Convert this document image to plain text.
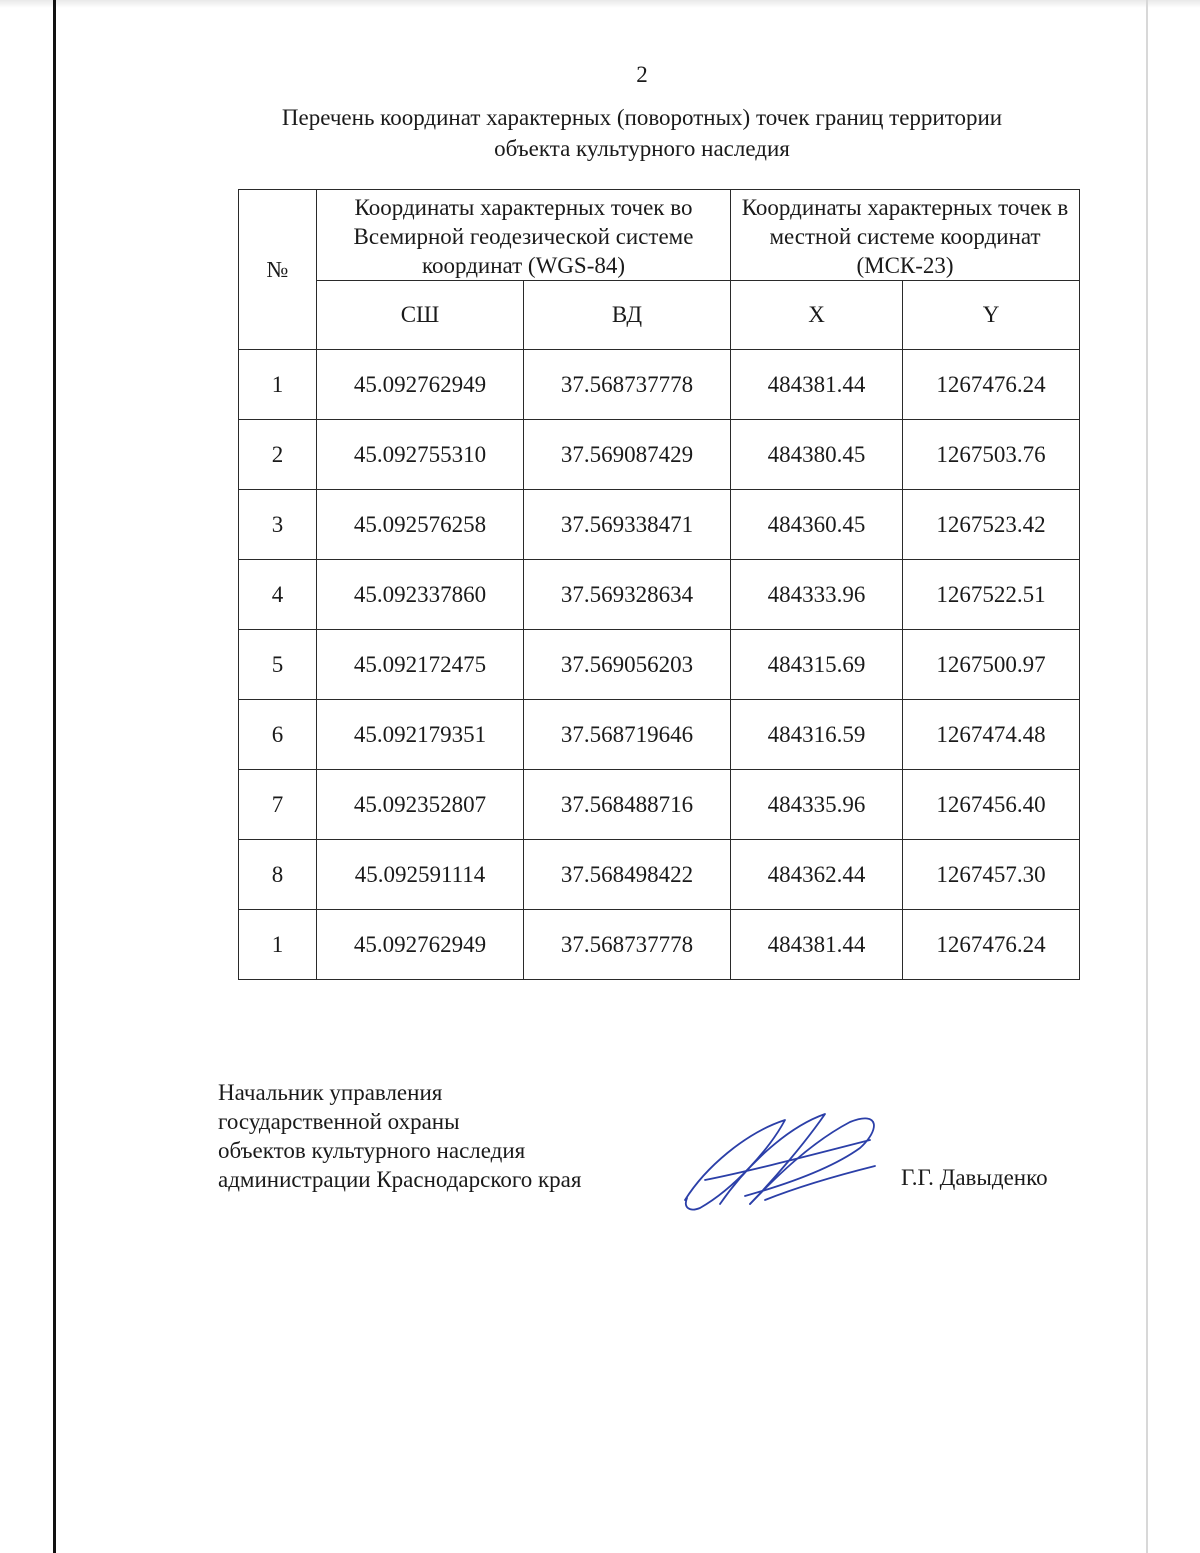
2
Перечень координат характерных (поворотных) точек границ территории
объекта культурного наследия
№	Координаты характерных точек во Всемирной геодезической системе координат (WGS-84)		Координаты характерных точек в местной системе координат (МСК-23)	
	СШ	ВД	X	Y
1	45.092762949	37.568737778	484381.44	1267476.24
2	45.092755310	37.569087429	484380.45	1267503.76
3	45.092576258	37.569338471	484360.45	1267523.42
4	45.092337860	37.569328634	484333.96	1267522.51
5	45.092172475	37.569056203	484315.69	1267500.97
6	45.092179351	37.568719646	484316.59	1267474.48
7	45.092352807	37.568488716	484335.96	1267456.40
8	45.092591114	37.568498422	484362.44	1267457.30
1	45.092762949	37.568737778	484381.44	1267476.24
Начальник управления
государственной охраны
объектов культурного наследия
администрации Краснодарского края	Г.Г. Давыденко
